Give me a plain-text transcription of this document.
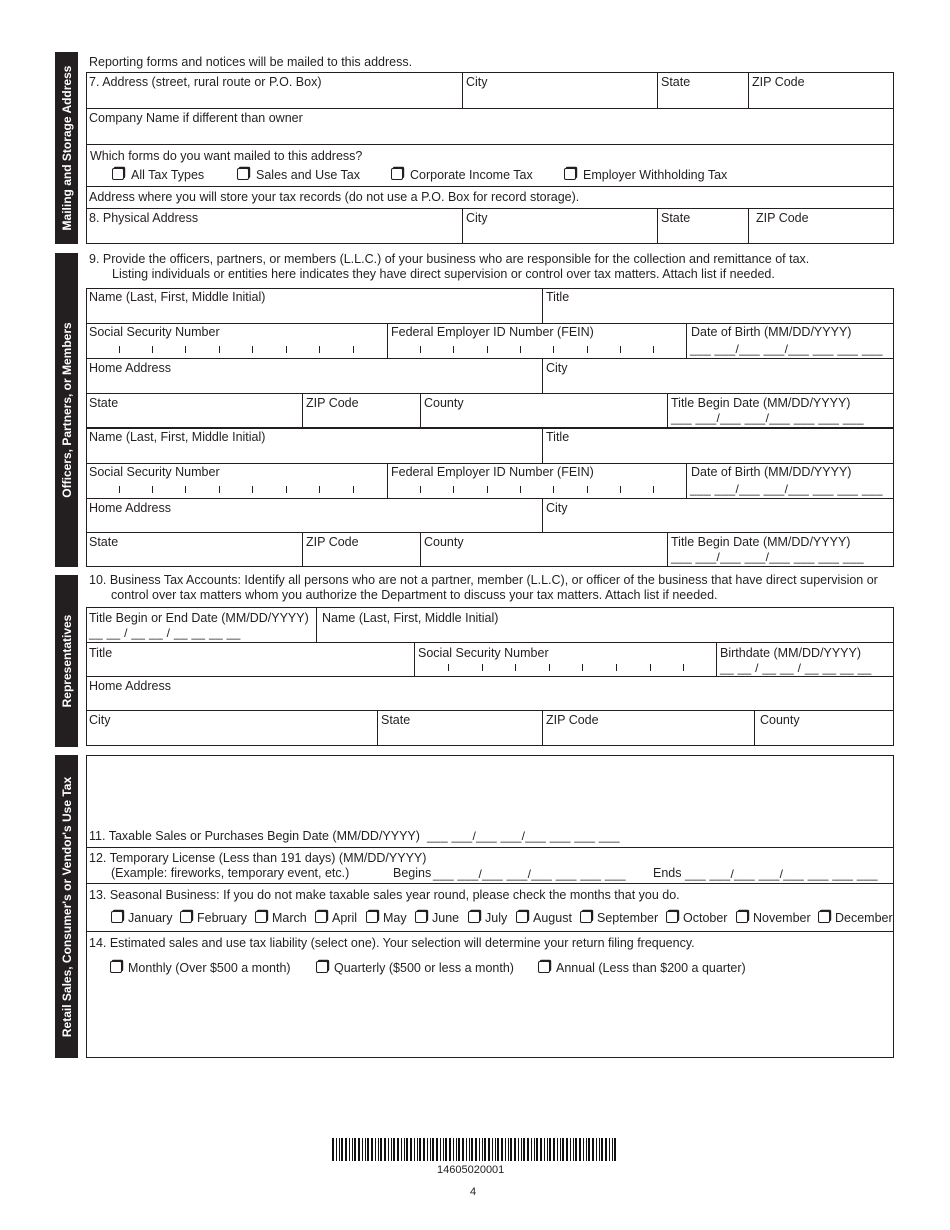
Mailing and Storage Address
Officers, Partners, or Members
Representatives
Retail Sales, Consumer's or Vendor's Use Tax
Reporting forms and notices will be mailed to this address.
7. Address (street, rural route or P.O. Box)	City	State	ZIP Code
Company Name if different than owner
Which forms do you want mailed to this address?
All Tax Types	Sales and Use Tax	Corporate Income Tax	Employer Withholding Tax
Address where you will store your tax records (do not use a P.O. Box for record storage).
8. Physical Address	City	State	ZIP Code
9. Provide the officers, partners, or members (L.L.C.) of your business who are responsible for the collection and remittance of tax.
Listing individuals or entities here indicates they have direct supervision or control over tax matters. Attach list if needed.
Name (Last, First, Middle Initial)	Title
Social Security Number	Federal Employer ID Number (FEIN)	Date of Birth (MM/DD/YYYY)
___ ___/___ ___/___ ___ ___ ___
Home Address	City
State	ZIP Code	County	Title Begin Date (MM/DD/YYYY)
___ ___/___ ___/___ ___ ___ ___
Name (Last, First, Middle Initial)	Title
Social Security Number	Federal Employer ID Number (FEIN)	Date of Birth (MM/DD/YYYY)
___ ___/___ ___/___ ___ ___ ___
Home Address	City
State	ZIP Code	County	Title Begin Date (MM/DD/YYYY)
___ ___/___ ___/___ ___ ___ ___
10. Business Tax Accounts: Identify all persons who are not a partner, member (L.L.C), or officer of the business that have direct supervision or
control over tax matters whom you authorize the Department to discuss your tax matters. Attach list if needed.
Title Begin or End Date (MM/DD/YYYY)
__ __ / __ __ / __ __ __ __
Name (Last, First, Middle Initial)
Title	Social Security Number	Birthdate (MM/DD/YYYY)
__ __ / __ __ / __ __ __ __
Home Address
City	State	ZIP Code	County
11. Taxable Sales or Purchases Begin Date (MM/DD/YYYY) ___ ___/___ ___/___ ___ ___ ___
12. Temporary License (Less than 191 days) (MM/DD/YYYY)
(Example: fireworks, temporary event, etc.)	Begins ___ ___/___ ___/___ ___ ___ ___ Ends ___ ___/___ ___/___ ___ ___ ___
13. Seasonal Business: If you do not make taxable sales year round, please check the months that you do.
January February March April May June July August September October November December
14. Estimated sales and use tax liability (select one). Your selection will determine your return filing frequency.
Monthly (Over $500 a month)	Quarterly ($500 or less a month)	Annual (Less than $200 a quarter)
14605020001
4
